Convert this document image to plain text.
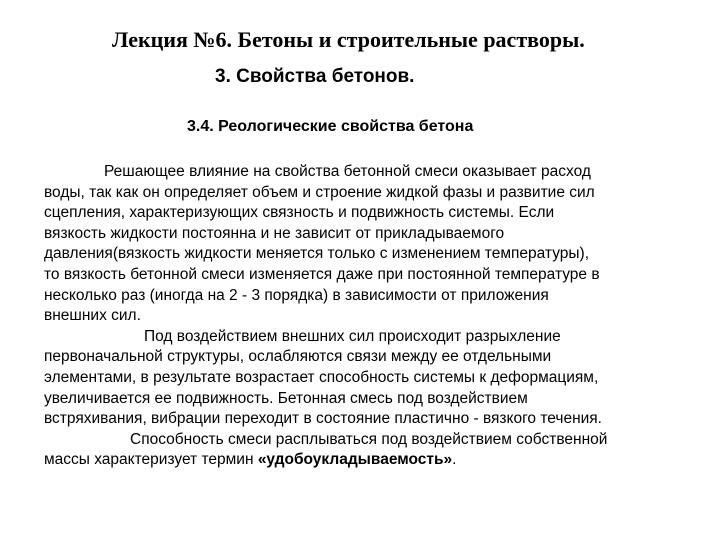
Лекция №6. Бетоны и строительные растворы.
3. Свойства бетонов.
3.4. Реологические свойства бетона
Решающее влияние на свойства бетонной смеси оказывает расход
воды, так как он определяет объем и строение жидкой фазы и развитие сил
сцепления, характеризующих связность и подвижность системы. Если
вязкость жидкости постоянна и не зависит от прикладываемого
давления(вязкость жидкости меняется только с изменением температуры),
то вязкость бетонной смеси изменяется даже при постоянной температуре в
несколько раз (иногда на 2 - 3 порядка) в зависимости от приложения
внешних сил.
Под воздействием внешних сил происходит разрыхление
первоначальной структуры, ослабляются связи между ее отдельными
элементами, в результате возрастает способность системы к деформациям,
увеличивается ее подвижность. Бетонная смесь под воздействием
встряхивания, вибрации переходит в состояние пластично - вязкого течения.
Способность смеси расплываться под воздействием собственной
массы характеризует термин «удобоукладываемость».
